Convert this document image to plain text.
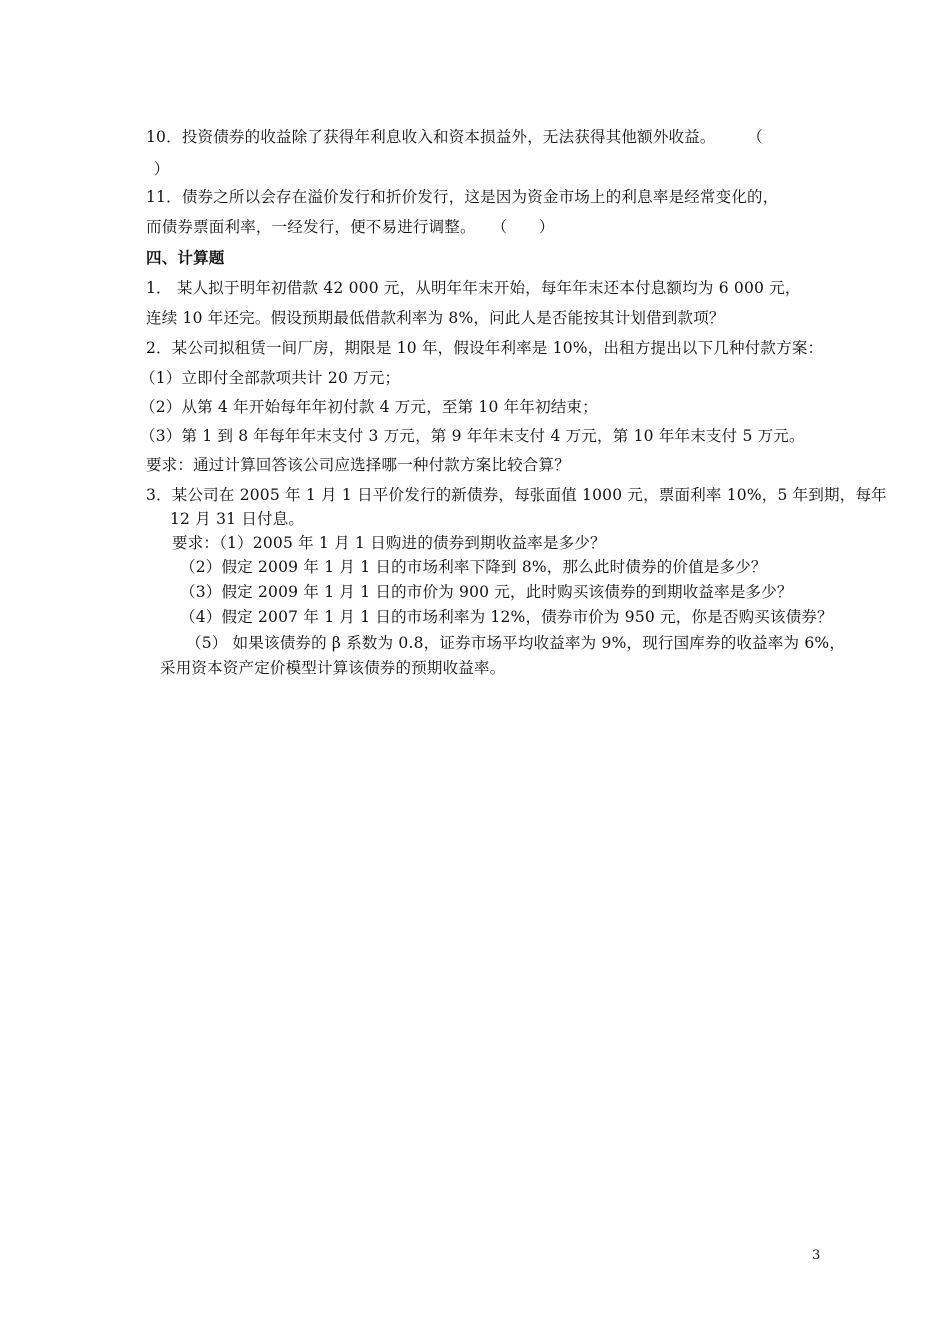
10．投资债券的收益除了获得年利息收入和资本损益外，无法获得其他额外收益。　　　（
　）
11．债券之所以会存在溢价发行和折价发行，这是因为资金市场上的利息率是经常变化的，
而债券票面利率，一经发行，便不易进行调整。　　（　　）
四、计算题
1． 某人拟于明年初借款 42 000 元，从明年年末开始，每年年末还本付息额均为 6 000 元，
连续 10 年还完。假设预期最低借款利率为 8%，问此人是否能按其计划借到款项？
2．某公司拟租赁一间厂房，期限是 10 年，假设年利率是 10%，出租方提出以下几种付款方案：
（1）立即付全部款项共计 20 万元；
（2）从第 4 年开始每年年初付款 4 万元，至第 10 年年初结束；
（3）第 1 到 8 年每年年末支付 3 万元，第 9 年年末支付 4 万元，第 10 年年末支付 5 万元。
要求：通过计算回答该公司应选择哪一种付款方案比较合算？
3．某公司在 2005 年 1 月 1 日平价发行的新债券，每张面值 1000 元，票面利率 10%，5 年到期，每年
12 月 31 日付息。
要求：（1）2005 年 1 月 1 日购进的债券到期收益率是多少？
（2）假定 2009 年 1 月 1 日的市场利率下降到 8%，那么此时债券的价值是多少？
（3）假定 2009 年 1 月 1 日的市价为 900 元，此时购买该债券的到期收益率是多少？
（4）假定 2007 年 1 月 1 日的市场利率为 12%，债券市价为 950 元，你是否购买该债券？
（5） 如果该债券的 β 系数为 0.8，证券市场平均收益率为 9%，现行国库券的收益率为 6%，
采用资本资产定价模型计算该债券的预期收益率。
3
